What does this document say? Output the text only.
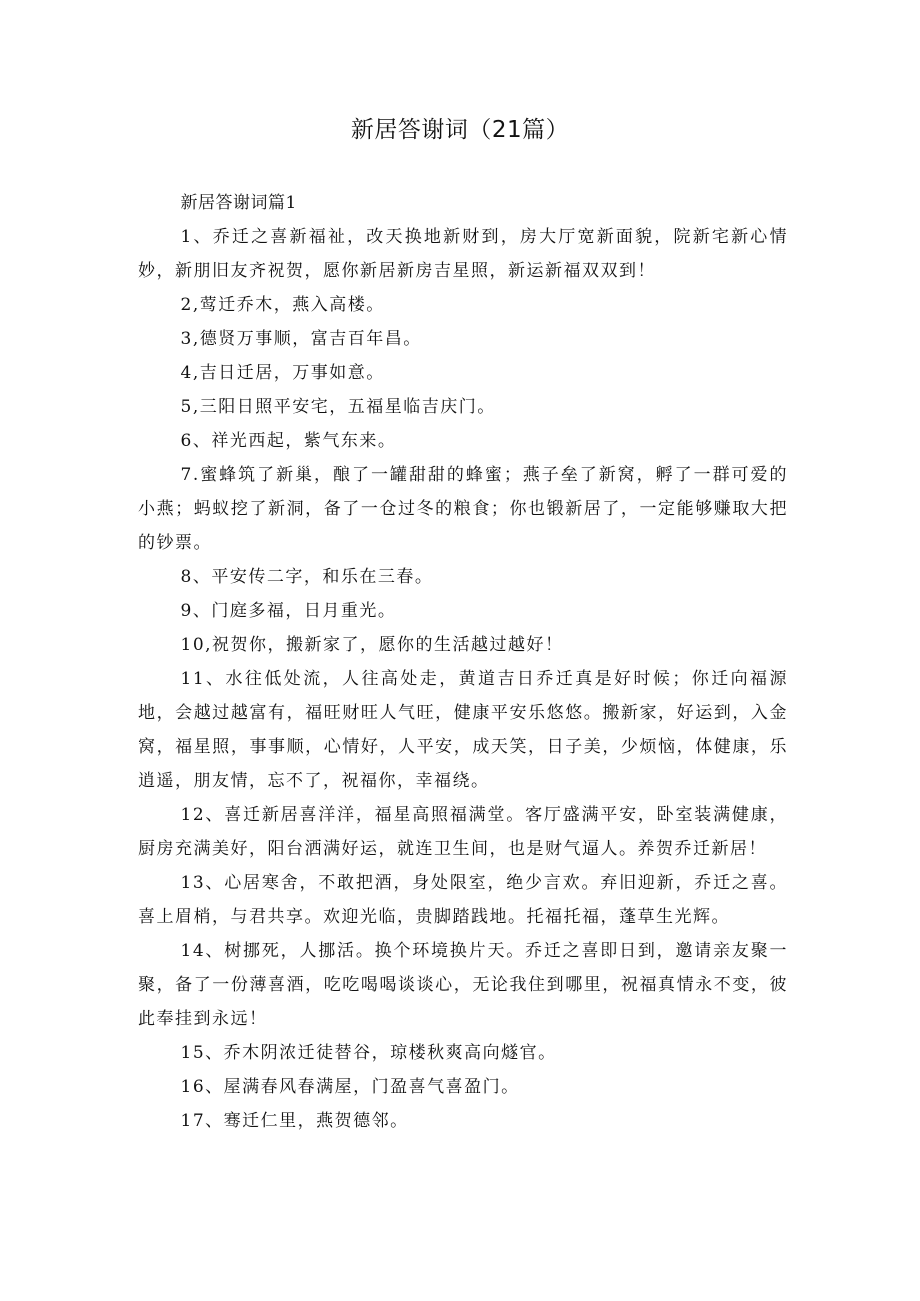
新居答谢词（21篇）

新居答谢词篇1

1、乔迁之喜新福祉，改天换地新财到，房大厅宽新面貌，院新宅新心情妙，新朋旧友齐祝贺，愿你新居新房吉星照，新运新福双双到！

2,莺迁乔木，燕入高楼。

3,德贤万事顺，富吉百年昌。

4,吉日迁居，万事如意。

5,三阳日照平安宅，五福星临吉庆门。

6、祥光西起，紫气东来。

7.蜜蜂筑了新巢，酿了一罐甜甜的蜂蜜；燕子垒了新窝，孵了一群可爱的小燕；蚂蚁挖了新洞，备了一仓过冬的粮食；你也锻新居了，一定能够赚取大把的钞票。

8、平安传二字，和乐在三春。

9、门庭多福，日月重光。

10,祝贺你，搬新家了，愿你的生活越过越好！

11、水往低处流，人往高处走，黄道吉日乔迁真是好时候；你迁向福源地，会越过越富有，福旺财旺人气旺，健康平安乐悠悠。搬新家，好运到，入金窝，福星照，事事顺，心情好，人平安，成天笑，日子美，少烦恼，体健康，乐逍遥，朋友情，忘不了，祝福你，幸福绕。

12、喜迁新居喜洋洋，福星高照福满堂。客厅盛满平安，卧室装满健康，厨房充满美好，阳台洒满好运，就连卫生间，也是财气逼人。养贺乔迁新居！

13、心居寒舍，不敢把酒，身处限室，绝少言欢。弃旧迎新，乔迁之喜。喜上眉梢，与君共享。欢迎光临，贵脚踏践地。托福托福，蓬草生光辉。

14、树挪死，人挪活。换个环境换片天。乔迁之喜即日到，邀请亲友聚一聚，备了一份薄喜酒，吃吃喝喝谈谈心，无论我住到哪里，祝福真情永不变，彼此奉挂到永远！

15、乔木阴浓迁徒替谷，琼楼秋爽高向燧官。

16、屋满春风春满屋，门盈喜气喜盈门。

17、骞迁仁里，燕贺德邻。
